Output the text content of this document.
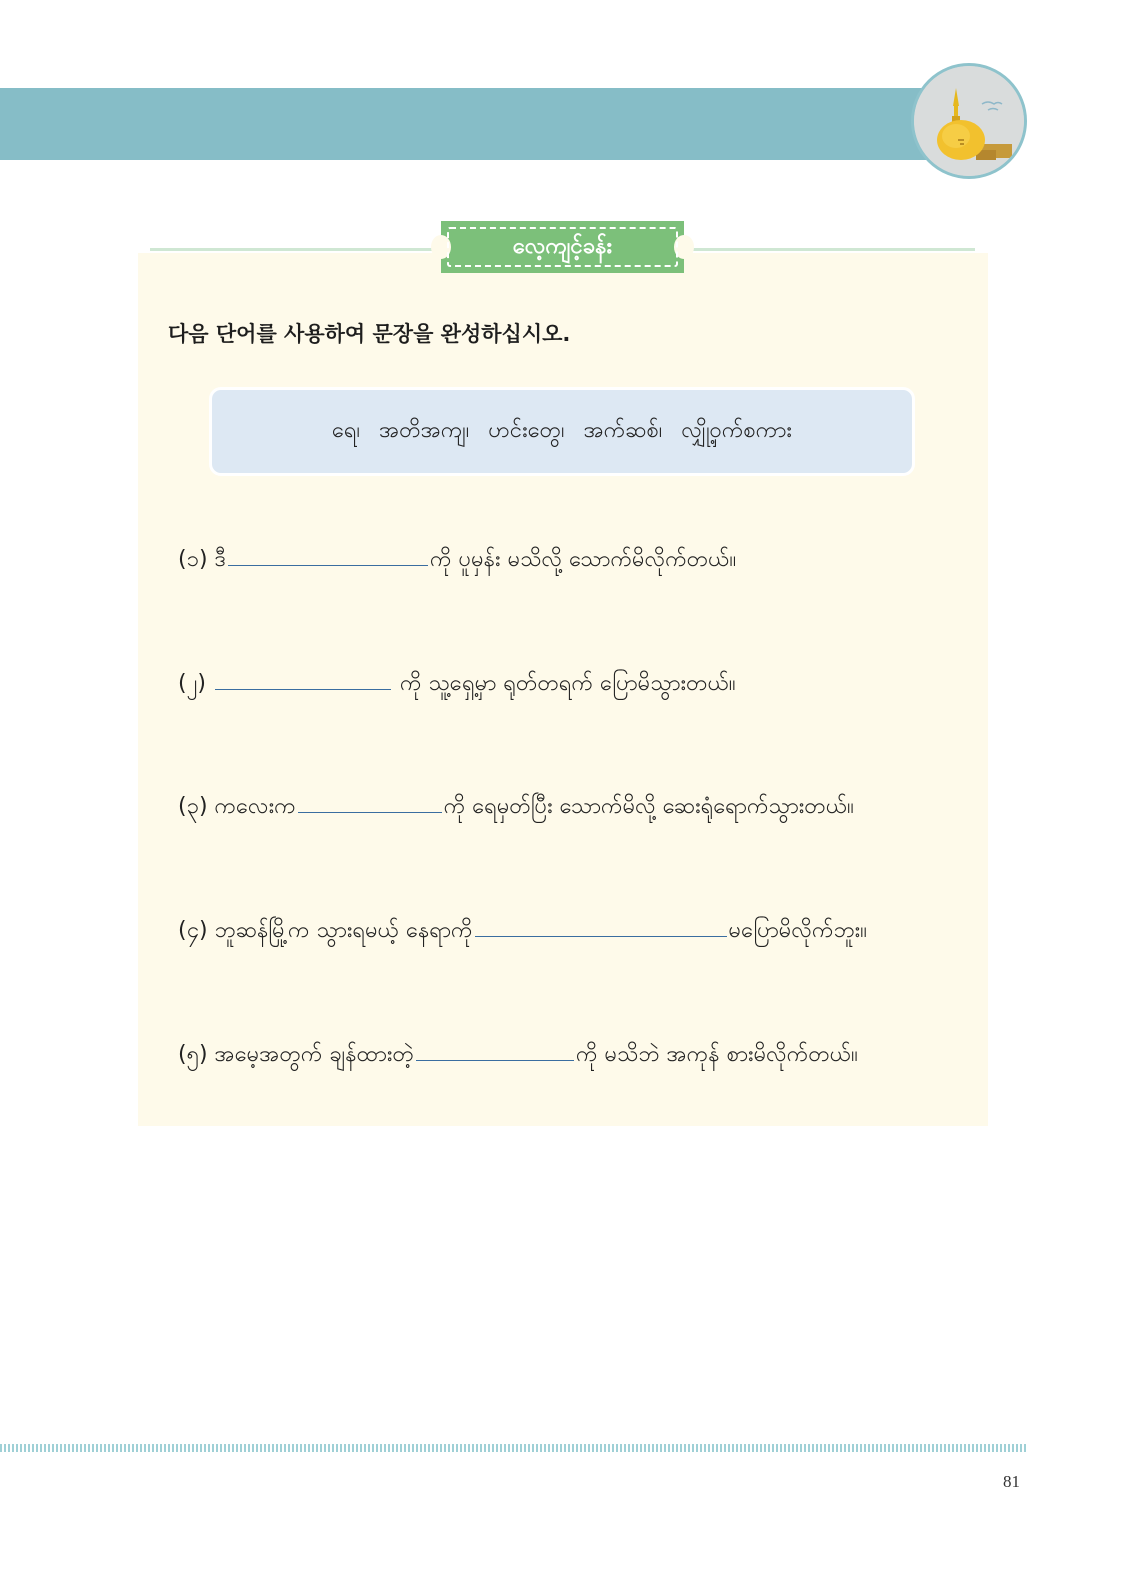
လေ့ကျင့်ခန်း
다음 단어를 사용하여 문장을 완성하십시오.
ရေ၊ အတိအကျ၊ ဟင်းတွေ၊ အက်ဆစ်၊ လျှို့ဝှက်စကား
(၁) ဒီ	ကို ပူမှန်း မသိလို့ သောက်မိလိုက်တယ်။
(၂)	ကို သူ့ရှေ့မှာ ရုတ်တရက် ပြောမိသွားတယ်။
(၃) ကလေးက	ကို ရေမှတ်ပြီး သောက်မိလို့ ဆေးရုံရောက်သွားတယ်။
(၄) ဘူဆန်မြို့က သွားရမယ့် နေရာကို	မပြောမိလိုက်ဘူး။
(၅) အမေ့အတွက် ချန်ထားတဲ့	ကို မသိဘဲ အကုန် စားမိလိုက်တယ်။
81
